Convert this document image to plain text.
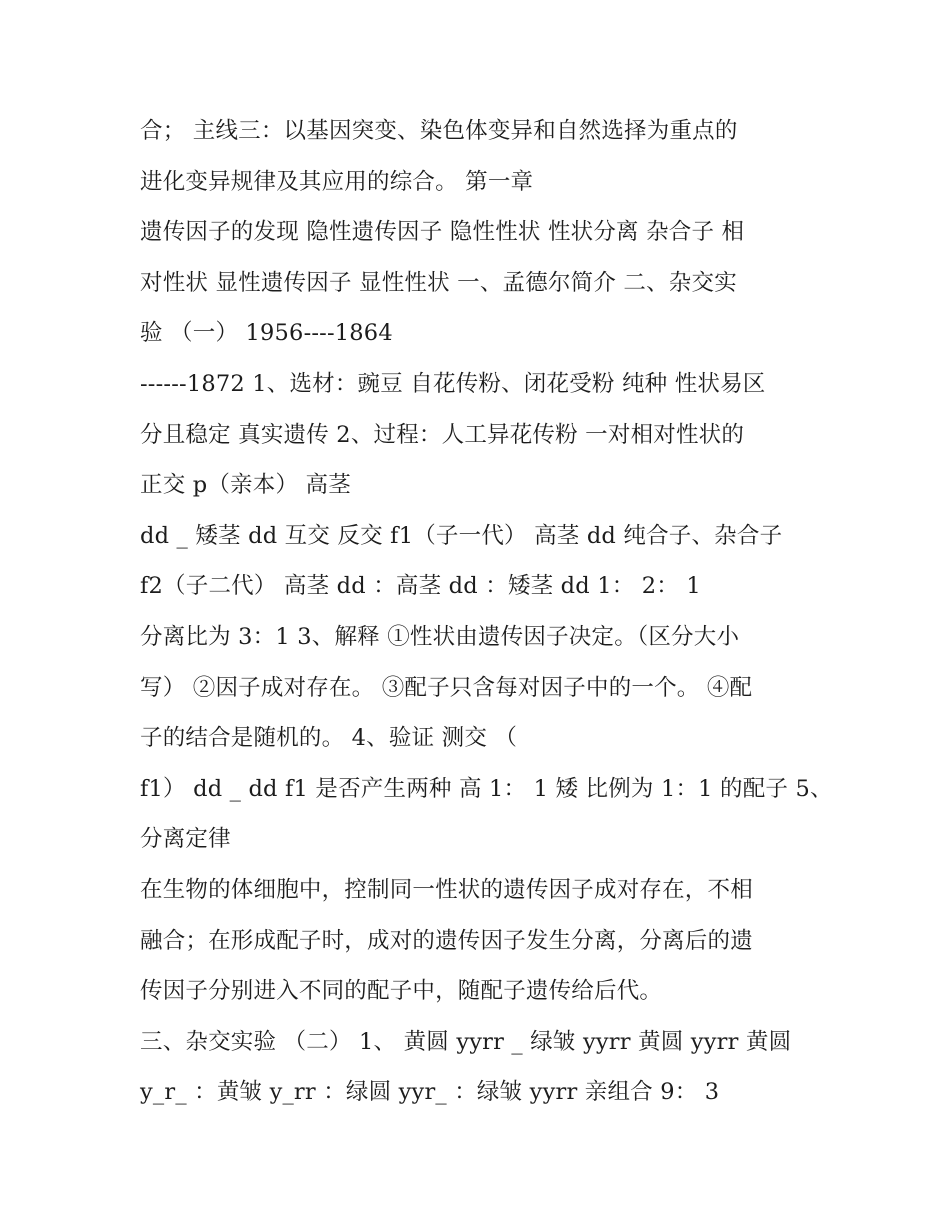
合； 主线三：以基因突变、染色体变异和自然选择为重点的
进化变异规律及其应用的综合。 第一章
遗传因子的发现 隐性遗传因子 隐性性状 性状分离 杂合子 相
对性状 显性遗传因子 显性性状 一、孟德尔简介 二、杂交实
验 （一） 1956----1864
------1872 1、选材：豌豆 自花传粉、闭花受粉 纯种 性状易区
分且稳定 真实遗传 2、过程：人工异花传粉 一对相对性状的
正交 p（亲本） 高茎
dd _ 矮茎 dd 互交 反交 f1（子一代） 高茎 dd 纯合子、杂合子
f2（子二代） 高茎 dd ：高茎 dd ：矮茎 dd 1： 2： 1
分离比为 3：1 3、解释 ①性状由遗传因子决定。（区分大小
写） ②因子成对存在。 ③配子只含每对因子中的一个。 ④配
子的结合是随机的。 4、验证 测交 （
f1） dd _ dd f1 是否产生两种 高 1： 1 矮 比例为 1：1 的配子 5、
分离定律
在生物的体细胞中，控制同一性状的遗传因子成对存在，不相
融合；在形成配子时，成对的遗传因子发生分离，分离后的遗
传因子分别进入不同的配子中，随配子遗传给后代。
三、杂交实验 （二） 1、 黄圆 yyrr _ 绿皱 yyrr 黄圆 yyrr 黄圆
y_r_ ：黄皱 y_rr ：绿圆 yyr_ ：绿皱 yyrr 亲组合 9： 3
